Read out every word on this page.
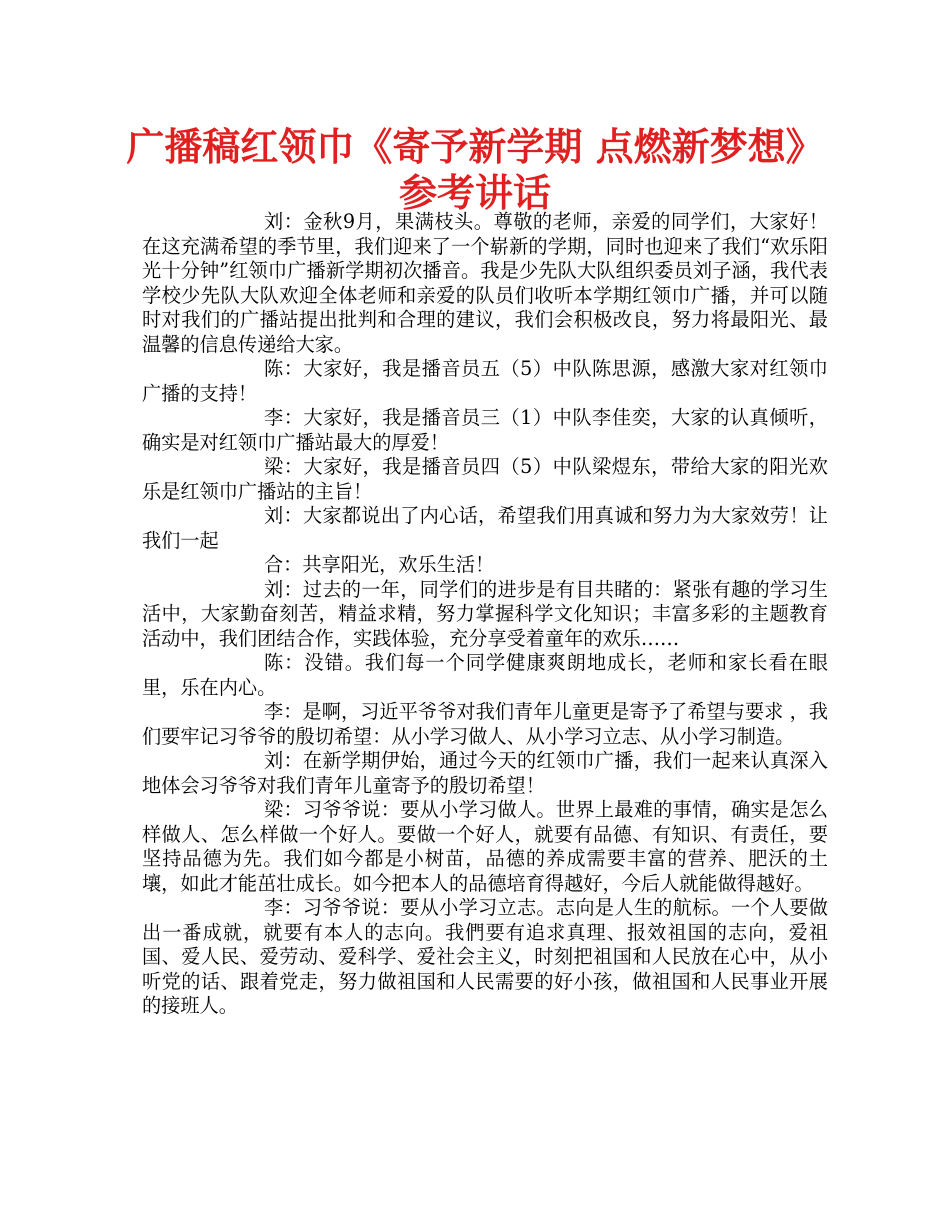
广播稿红领巾《寄予新学期 点燃新梦想》
参考讲话

刘：金秋9月，果满枝头。尊敬的老师，亲爱的同学们，大家好！在这充满希望的季节里，我们迎来了一个崭新的学期，同时也迎来了我们“欢乐阳光十分钟”红领巾广播新学期初次播音。我是少先队大队组织委员刘子涵，我代表学校少先队大队欢迎全体老师和亲爱的队员们收听本学期红领巾广播，并可以随时对我们的广播站提出批判和合理的建议，我们会积极改良，努力将最阳光、最温馨的信息传递给大家。

陈：大家好，我是播音员五（5）中队陈思源，感激大家对红领巾广播的支持！

李：大家好，我是播音员三（1）中队李佳奕，大家的认真倾听，确实是对红领巾广播站最大的厚爱！

梁：大家好，我是播音员四（5）中队梁煜东，带给大家的阳光欢乐是红领巾广播站的主旨！

刘：大家都说出了内心话，希望我们用真诚和努力为大家效劳！让我们一起

合：共享阳光，欢乐生活！

刘：过去的一年，同学们的进步是有目共睹的：紧张有趣的学习生活中，大家勤奋刻苦，精益求精，努力掌握科学文化知识；丰富多彩的主题教育活动中，我们团结合作，实践体验，充分享受着童年的欢乐……

陈：没错。我们每一个同学健康爽朗地成长，老师和家长看在眼里，乐在内心。

李：是啊，习近平爷爷对我们青年儿童更是寄予了希望与要求 ，我们要牢记习爷爷的殷切希望：从小学习做人、从小学习立志、从小学习制造。

刘：在新学期伊始，通过今天的红领巾广播，我们一起来认真深入地体会习爷爷对我们青年儿童寄予的殷切希望！

梁：习爷爷说：要从小学习做人。世界上最难的事情，确实是怎么样做人、怎么样做一个好人。要做一个好人，就要有品德、有知识、有责任，要坚持品德为先。我们如今都是小树苗，品德的养成需要丰富的营养、肥沃的土壤，如此才能茁壮成长。如今把本人的品德培育得越好，今后人就能做得越好。

李：习爷爷说：要从小学习立志。志向是人生的航标。一个人要做出一番成就，就要有本人的志向。我們要有追求真理、报效祖国的志向，爱祖国、爱人民、爱劳动、爱科学、爱社会主义，时刻把祖国和人民放在心中，从小听党的话、跟着党走，努力做祖国和人民需要的好小孩，做祖国和人民事业开展的接班人。
